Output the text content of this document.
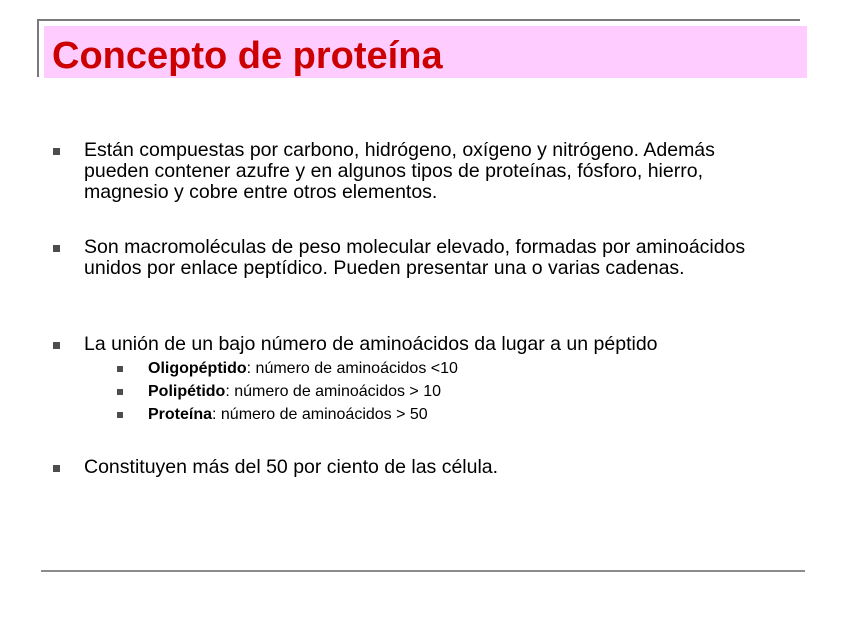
Concepto de proteína
Están compuestas por carbono, hidrógeno, oxígeno y nitrógeno. Además pueden contener azufre y en algunos tipos de proteínas, fósforo, hierro, magnesio y cobre entre otros elementos.
Son macromoléculas de peso molecular elevado, formadas por aminoácidos unidos por enlace peptídico. Pueden presentar una o varias cadenas.
La unión de un bajo número de aminoácidos da lugar a un péptido
Oligopéptido: número de aminoácidos <10
Polipétido: número de aminoácidos > 10
Proteína: número de aminoácidos > 50
Constituyen más del 50 por ciento de las célula.
